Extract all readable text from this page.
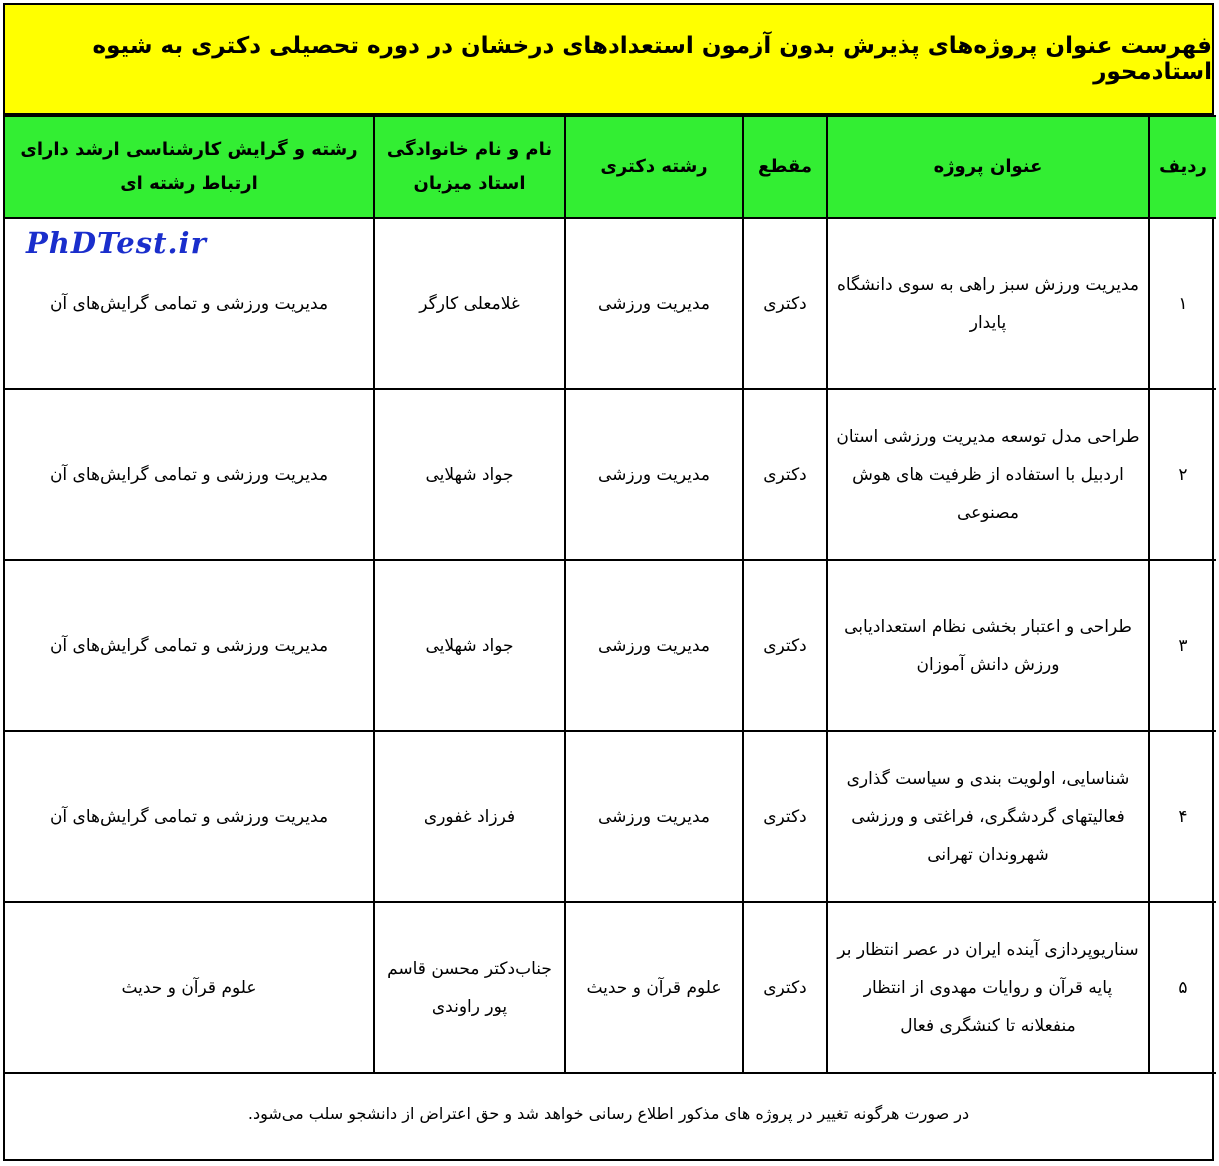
فهرست عنوان پروژه‌های پذیرش بدون آزمون استعدادهای درخشان در دوره تحصیلی دکتری به شیوه استادمحور
ردیف	عنوان پروژه	مقطع	رشته دکتری	نام و نام خانوادگی استاد میزبان	رشته و گرایش کارشناسی ارشد دارای ارتباط رشته ای
۱	مدیریت ورزش سبز راهی به سوی دانشگاه پایدار	دکتری	مدیریت ورزشی	غلامعلی کارگر	مدیریت ورزشی و تمامی گرایش‌های آن
۲	طراحی مدل توسعه مدیریت ورزشی استان اردبیل با استفاده از ظرفیت های هوش مصنوعی	دکتری	مدیریت ورزشی	جواد شهلایی	مدیریت ورزشی و تمامی گرایش‌های آن
۳	طراحی و اعتبار بخشی نظام استعدادیابی ورزش دانش آموزان	دکتری	مدیریت ورزشی	جواد شهلایی	مدیریت ورزشی و تمامی گرایش‌های آن
۴	شناسایی، اولویت بندی و سیاست گذاری فعالیتهای گردشگری، فراغتی و ورزشی شهروندان تهرانی	دکتری	مدیریت ورزشی	فرزاد غفوری	مدیریت ورزشی و تمامی گرایش‌های آن
۵	سناریوپردازی آینده ایران در عصر انتظار بر پایه قرآن و روایات مهدوی از انتظار منفعلانه تا کنشگری فعال	دکتری	علوم قرآن و حدیث	جناب‌دکتر محسن قاسم پور راوندی	علوم قرآن و حدیث
در صورت هرگونه تغییر در پروژه های مذکور اطلاع رسانی خواهد شد و حق اعتراض از دانشجو سلب می‌شود.
PhDTest.ir
